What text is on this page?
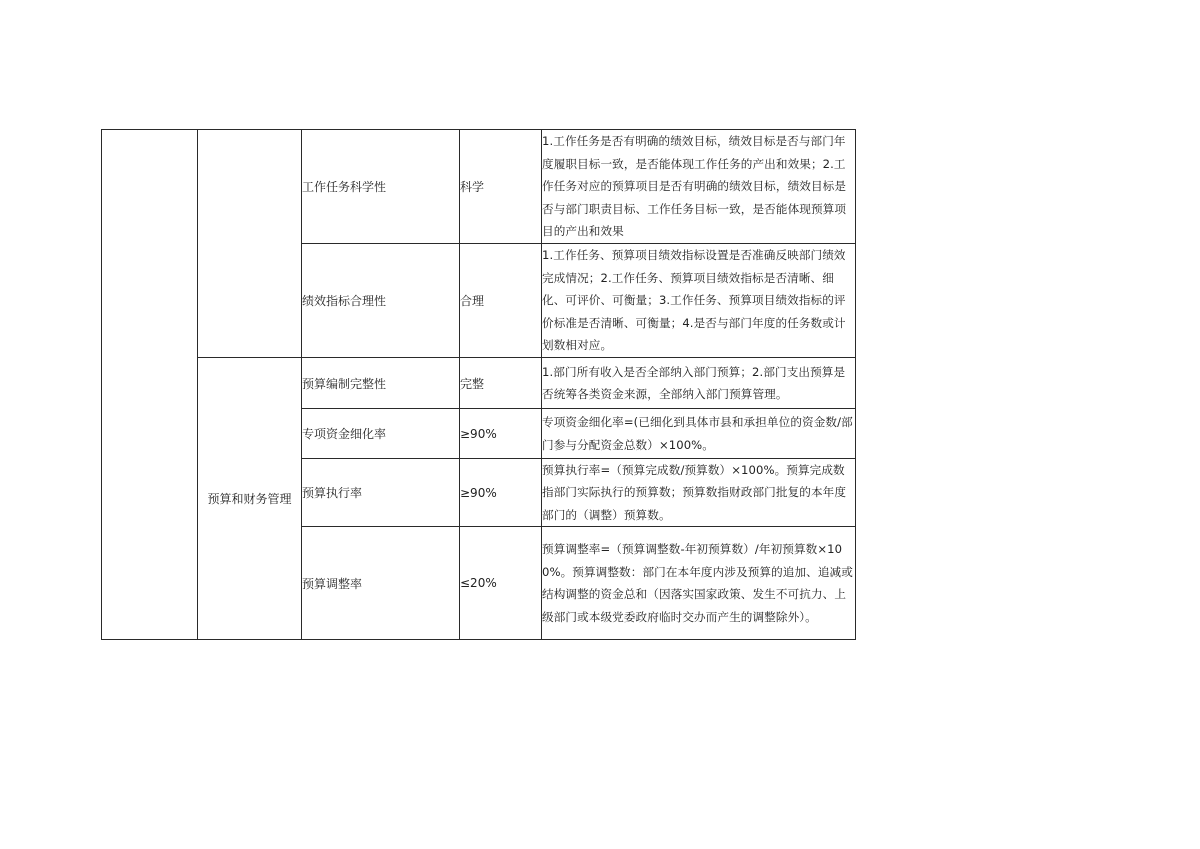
		工作任务科学性	科学	1.工作任务是否有明确的绩效目标，绩效目标是否与部门年度履职目标一致，是否能体现工作任务的产出和效果；2.工作任务对应的预算项目是否有明确的绩效目标，绩效目标是否与部门职责目标、工作任务目标一致，是否能体现预算项目的产出和效果

		绩效指标合理性	合理	1.工作任务、预算项目绩效指标设置是否准确反映部门绩效完成情况；2.工作任务、预算项目绩效指标是否清晰、细化、可评价、可衡量；3.工作任务、预算项目绩效指标的评价标准是否清晰、可衡量；4.是否与部门年度的任务数或计划数相对应。

	预算和财务管理	预算编制完整性	完整	1.部门所有收入是否全部纳入部门预算；2.部门支出预算是否统筹各类资金来源，全部纳入部门预算管理。

		专项资金细化率	≥90%	专项资金细化率=(已细化到具体市县和承担单位的资金数/部门参与分配资金总数）×100%。

		预算执行率	≥90%	预算执行率=（预算完成数/预算数）×100%。预算完成数指部门实际执行的预算数；预算数指财政部门批复的本年度部门的（调整）预算数。

		预算调整率	≤20%	预算调整率=（预算调整数-年初预算数）/年初预算数×100%。预算调整数：部门在本年度内涉及预算的追加、追减或结构调整的资金总和（因落实国家政策、发生不可抗力、上级部门或本级党委政府临时交办而产生的调整除外）。
